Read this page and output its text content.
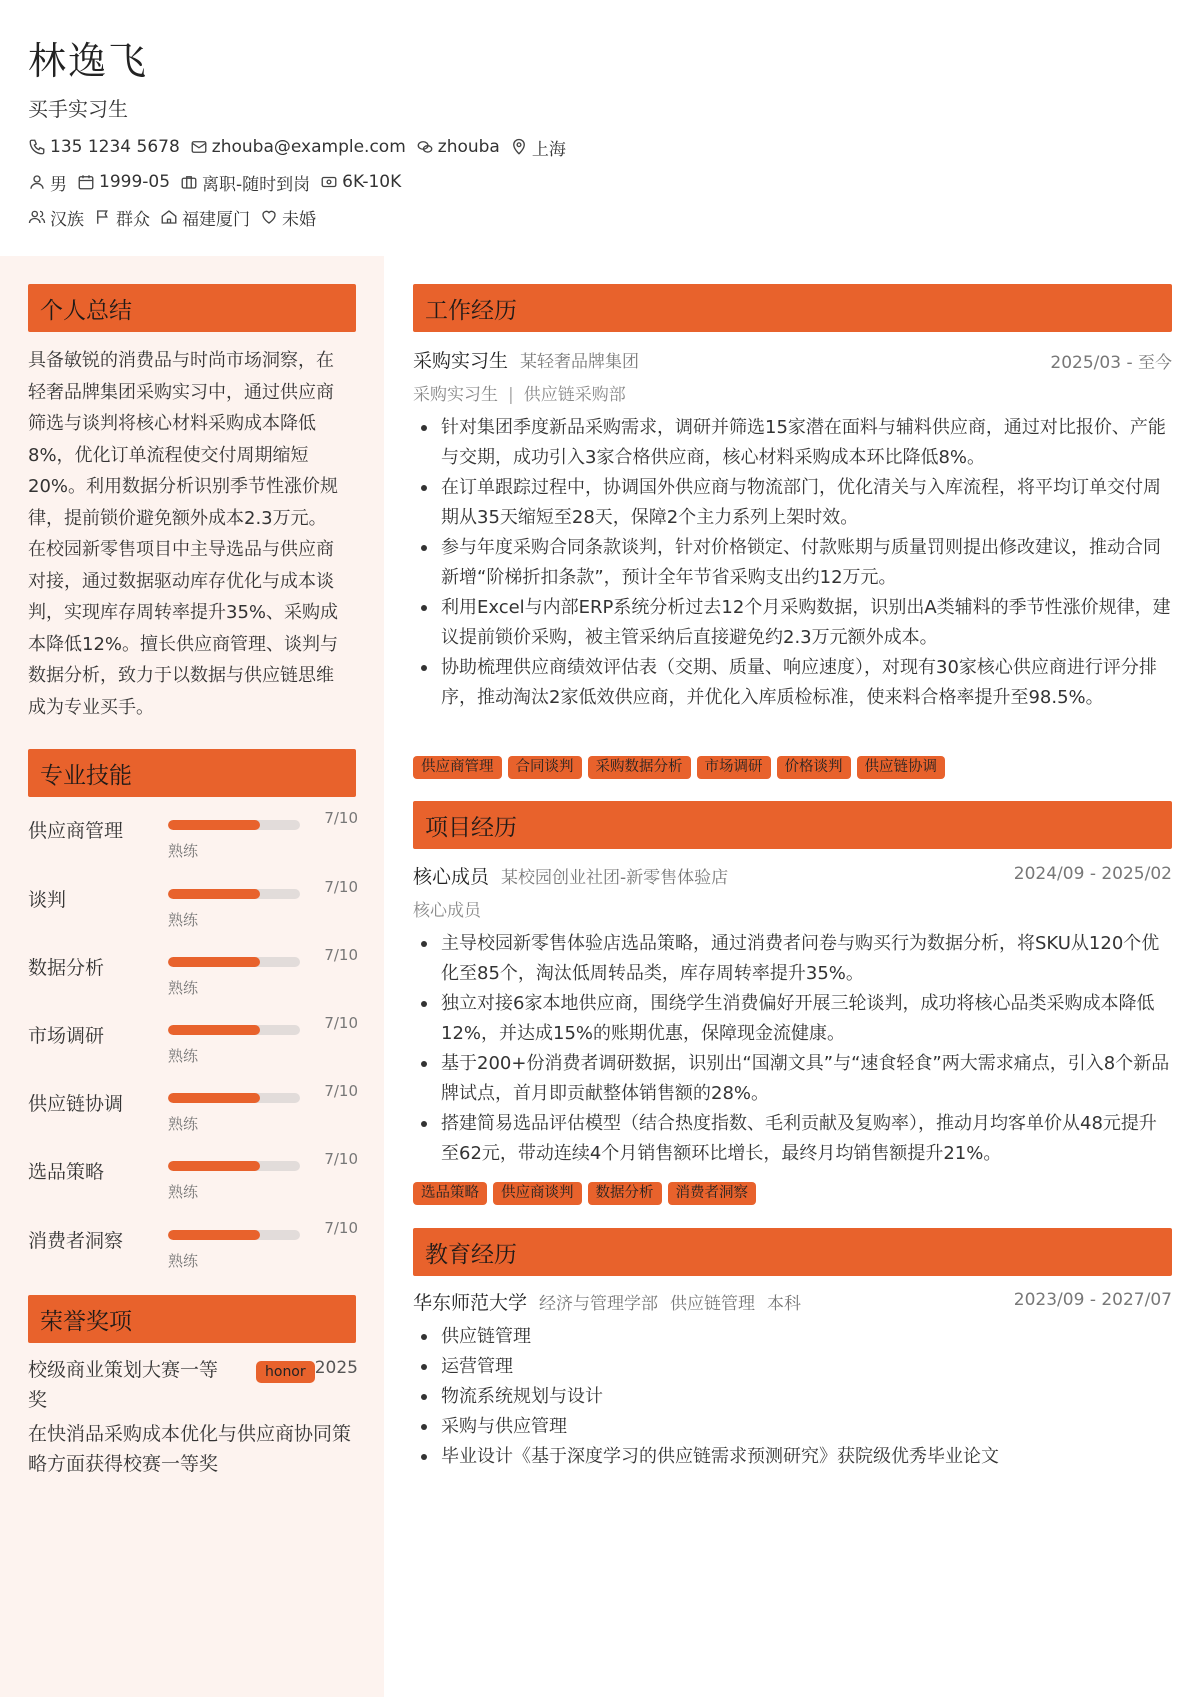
林逸飞
买手实习生
135 1234 5678 zhouba@example.com zhouba 上海
男 1999-05 离职-随时到岗 6K-10K
汉族 群众 福建厦门 未婚
个人总结
具备敏锐的消费品与时尚市场洞察，在轻奢品牌集团采购实习中，通过供应商筛选与谈判将核心材料采购成本降低8%，优化订单流程使交付周期缩短20%。利用数据分析识别季节性涨价规律，提前锁价避免额外成本2.3万元。在校园新零售项目中主导选品与供应商对接，通过数据驱动库存优化与成本谈判，实现库存周转率提升35%、采购成本降低12%。擅长供应商管理、谈判与数据分析，致力于以数据与供应链思维成为专业买手。
专业技能
供应商管理
7/10
熟练
谈判
7/10
熟练
数据分析
7/10
熟练
市场调研
7/10
熟练
供应链协调
7/10
熟练
选品策略
7/10
熟练
消费者洞察
7/10
熟练
荣誉奖项
校级商业策划大赛一等奖
honor 2025
在快消品采购成本优化与供应商协同策略方面获得校赛一等奖
工作经历
采购实习生 某轻奢品牌集团	2025/03 - 至今
采购实习生 | 供应链采购部
针对集团季度新品采购需求，调研并筛选15家潜在面料与辅料供应商，通过对比报价、产能与交期，成功引入3家合格供应商，核心材料采购成本环比降低8%。
在订单跟踪过程中，协调国外供应商与物流部门，优化清关与入库流程，将平均订单交付周期从35天缩短至28天，保障2个主力系列上架时效。
参与年度采购合同条款谈判，针对价格锁定、付款账期与质量罚则提出修改建议，推动合同新增“阶梯折扣条款”，预计全年节省采购支出约12万元。
利用Excel与内部ERP系统分析过去12个月采购数据，识别出A类辅料的季节性涨价规律，建议提前锁价采购，被主管采纳后直接避免约2.3万元额外成本。
协助梳理供应商绩效评估表（交期、质量、响应速度），对现有30家核心供应商进行评分排序，推动淘汰2家低效供应商，并优化入库质检标准，使来料合格率提升至98.5%。
供应商管理	合同谈判	采购数据分析	市场调研	价格谈判	供应链协调
项目经历
核心成员 某校园创业社团-新零售体验店	2024/09 - 2025/02
核心成员
主导校园新零售体验店选品策略，通过消费者问卷与购买行为数据分析，将SKU从120个优化至85个，淘汰低周转品类，库存周转率提升35%。
独立对接6家本地供应商，围绕学生消费偏好开展三轮谈判，成功将核心品类采购成本降低12%，并达成15%的账期优惠，保障现金流健康。
基于200+份消费者调研数据，识别出“国潮文具”与“速食轻食”两大需求痛点，引入8个新品牌试点，首月即贡献整体销售额的28%。
搭建简易选品评估模型（结合热度指数、毛利贡献及复购率），推动月均客单价从48元提升至62元，带动连续4个月销售额环比增长，最终月均销售额提升21%。
选品策略	供应商谈判	数据分析	消费者洞察
教育经历
华东师范大学 经济与管理学部 供应链管理 本科	2023/09 - 2027/07
供应链管理
运营管理
物流系统规划与设计
采购与供应管理
毕业设计《基于深度学习的供应链需求预测研究》获院级优秀毕业论文
